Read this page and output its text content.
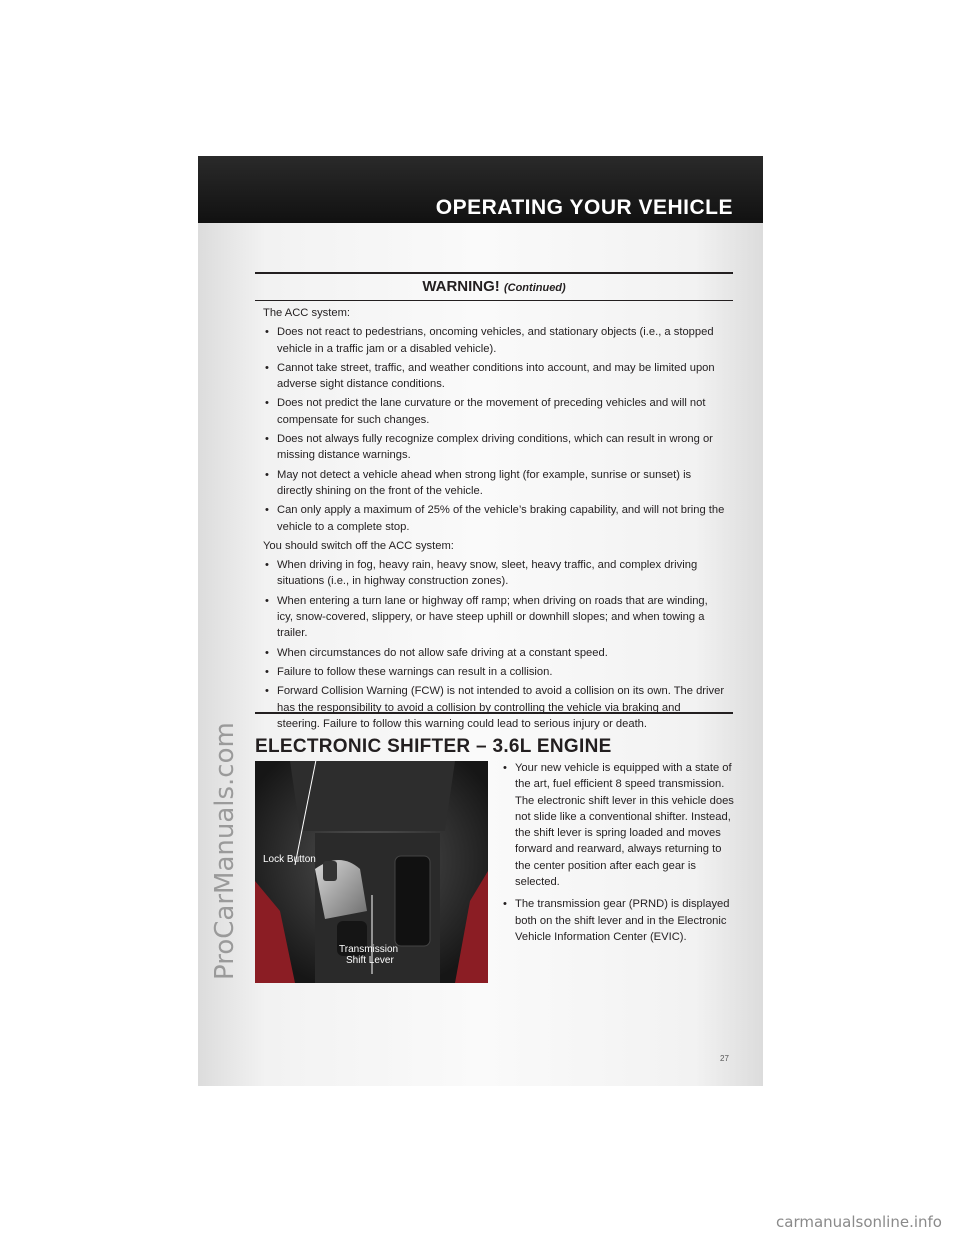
OPERATING YOUR VEHICLE
WARNING! (Continued)

The ACC system:

• Does not react to pedestrians, oncoming vehicles, and stationary objects (i.e., a stopped vehicle in a traffic jam or a disabled vehicle).
• Cannot take street, traffic, and weather conditions into account, and may be limited upon adverse sight distance conditions.
• Does not predict the lane curvature or the movement of preceding vehicles and will not compensate for such changes.
• Does not always fully recognize complex driving conditions, which can result in wrong or missing distance warnings.
• May not detect a vehicle ahead when strong light (for example, sunrise or sunset) is directly shining on the front of the vehicle.
• Can only apply a maximum of 25% of the vehicle’s braking capability, and will not bring the vehicle to a complete stop.

You should switch off the ACC system:

• When driving in fog, heavy rain, heavy snow, sleet, heavy traffic, and complex driving situations (i.e., in highway construction zones).
• When entering a turn lane or highway off ramp; when driving on roads that are winding, icy, snow-covered, slippery, or have steep uphill or downhill slopes; and when towing a trailer.
• When circumstances do not allow safe driving at a constant speed.
• Failure to follow these warnings can result in a collision.
• Forward Collision Warning (FCW) is not intended to avoid a collision on its own. The driver has the responsibility to avoid a collision by controlling the vehicle via braking and steering. Failure to follow this warning could lead to serious injury or death.
ELECTRONIC SHIFTER – 3.6L ENGINE
Lock Button
Transmission
Shift Lever
• Your new vehicle is equipped with a state of the art, fuel efficient 8 speed transmission. The electronic shift lever in this vehicle does not slide like a conventional shifter. Instead, the shift lever is spring loaded and moves forward and rearward, always returning to the center position after each gear is selected.
• The transmission gear (PRND) is displayed both on the shift lever and in the Electronic Vehicle Information Center (EVIC).
27
ProCarManuals.com
carmanualsonline.info
